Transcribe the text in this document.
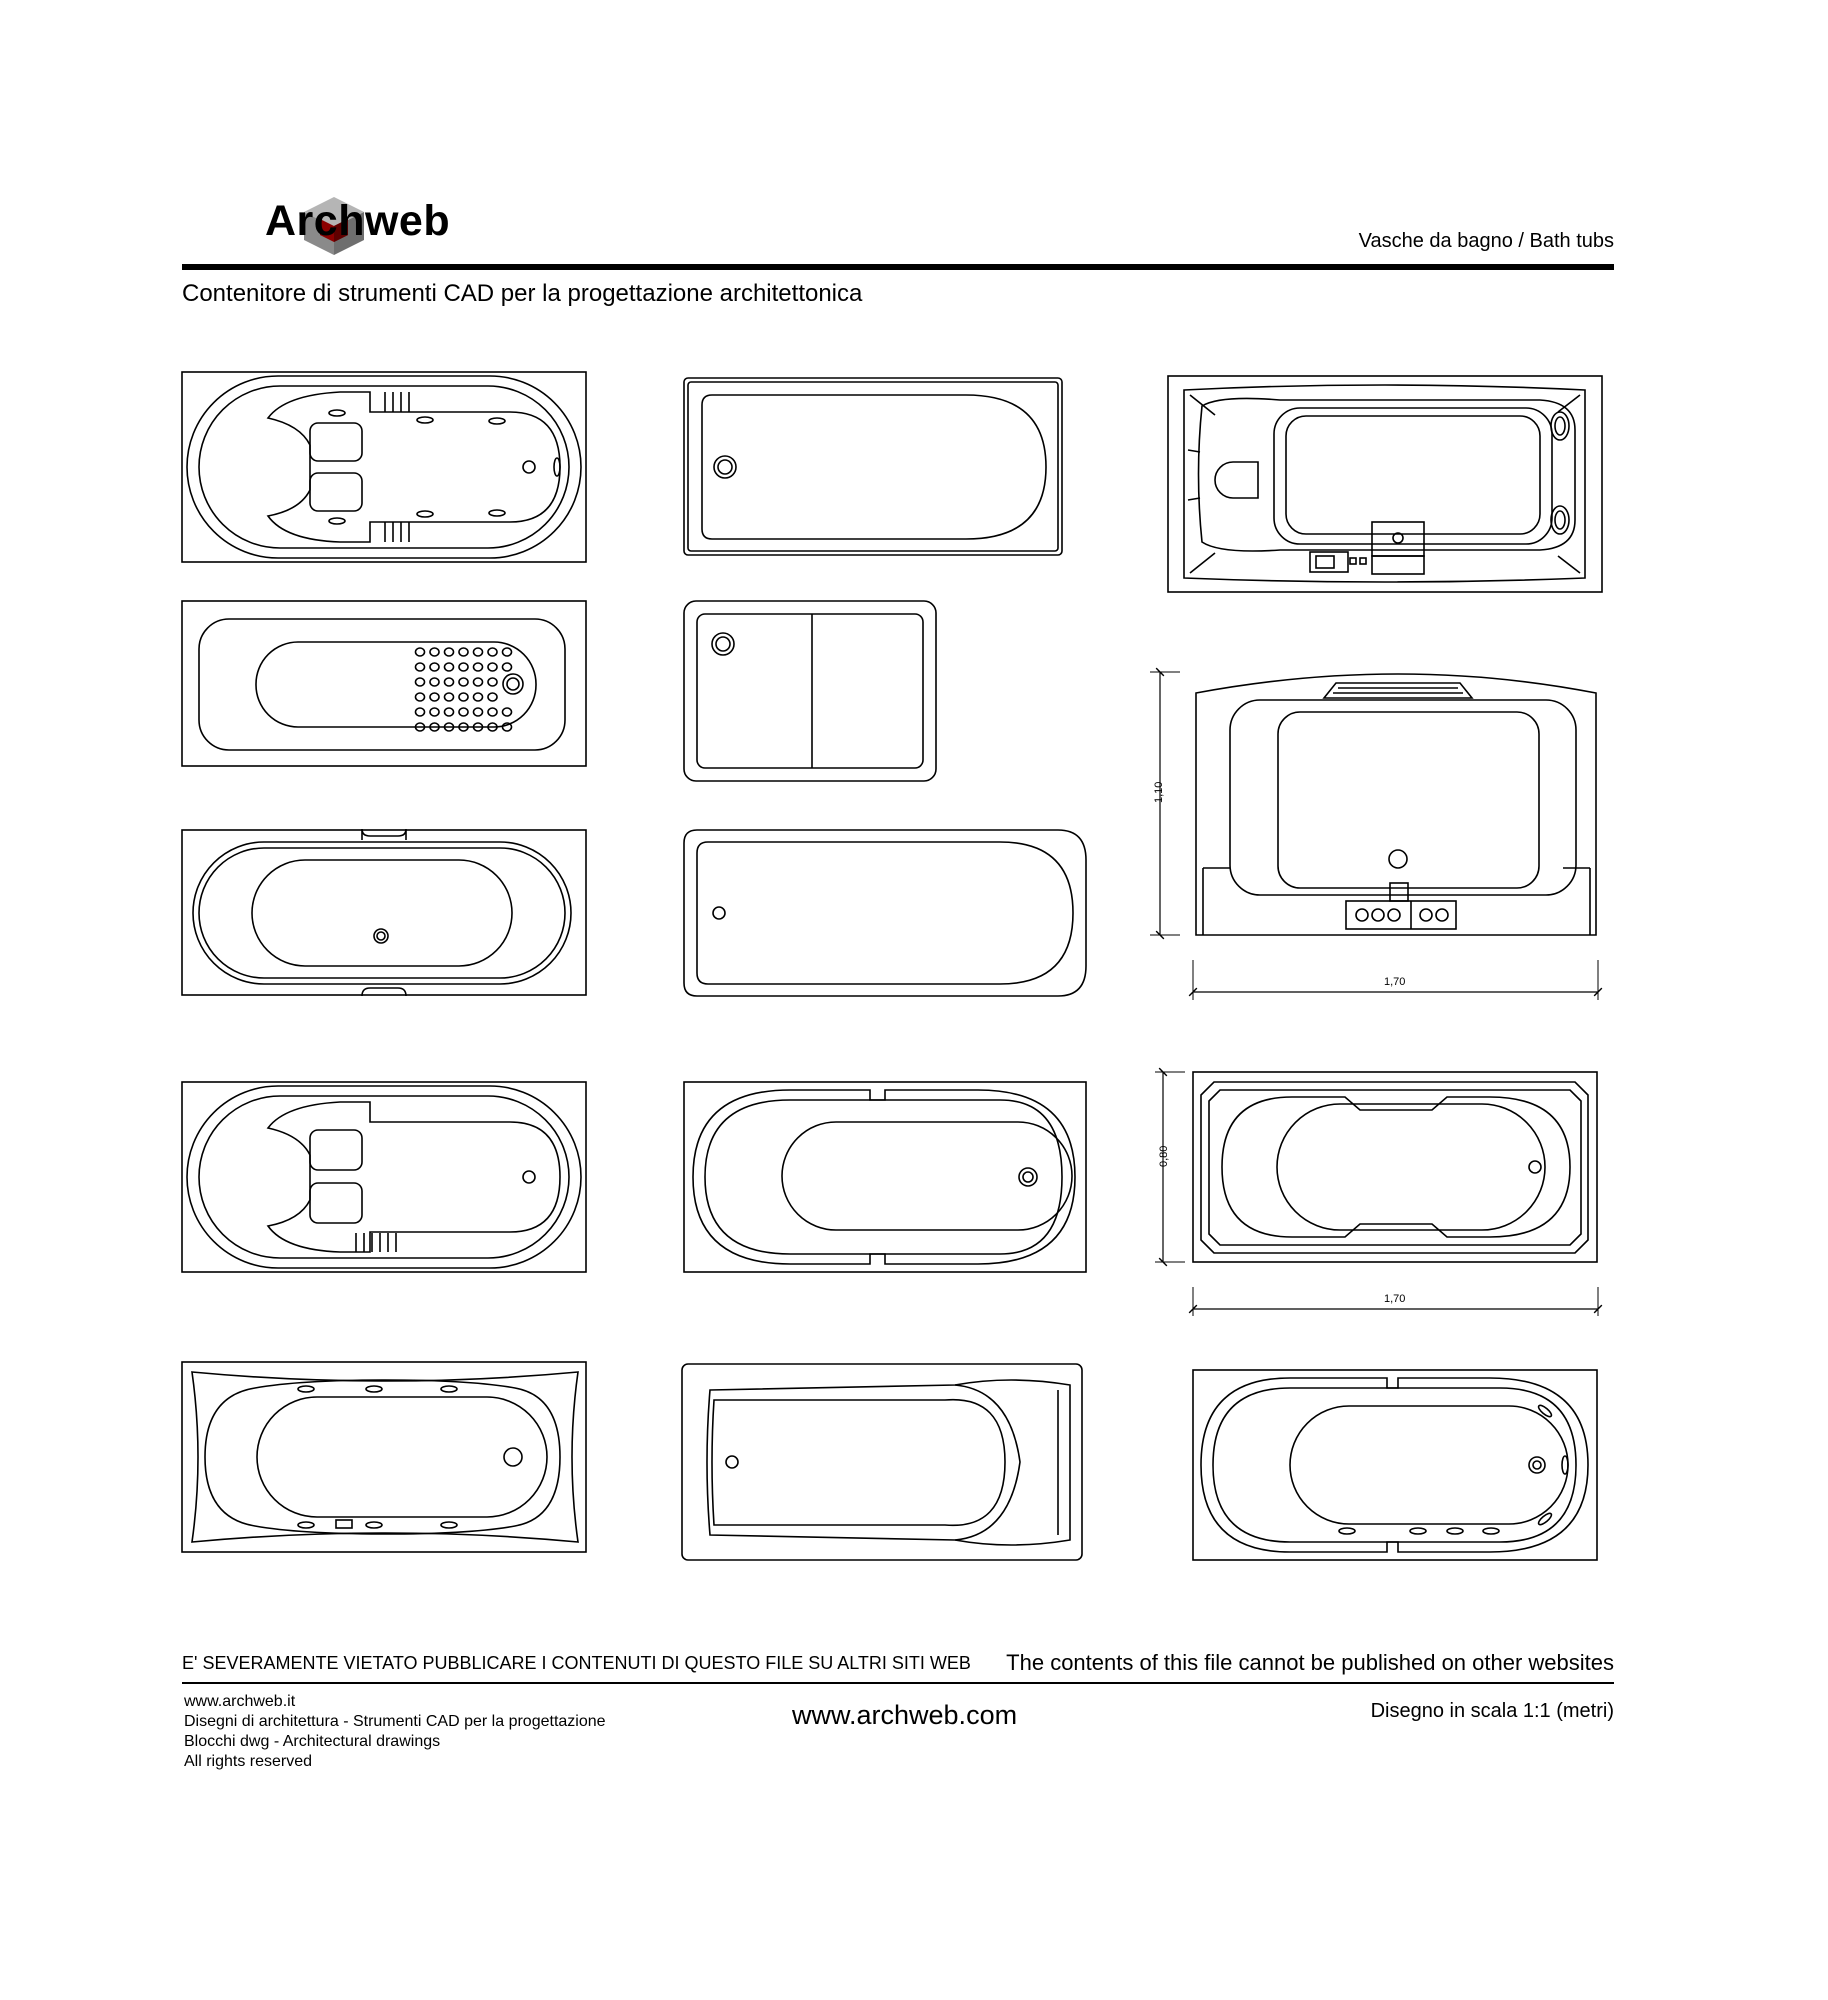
Archweb	Vasche da bagno / Bath tubs
Contenitore di strumenti CAD per la progettazione architettonica
1,10
1,70
0,80
1,70
E' SEVERAMENTE VIETATO PUBBLICARE I CONTENUTI DI QUESTO FILE SU ALTRI SITI WEB The contents of this file cannot be published on other websites
www.archweb.it
Disegni di architettura - Strumenti CAD per la progettazione
Blocchi dwg - Architectural drawings
All rights reserved
www.archweb.com	Disegno in scala 1:1 (metri)
